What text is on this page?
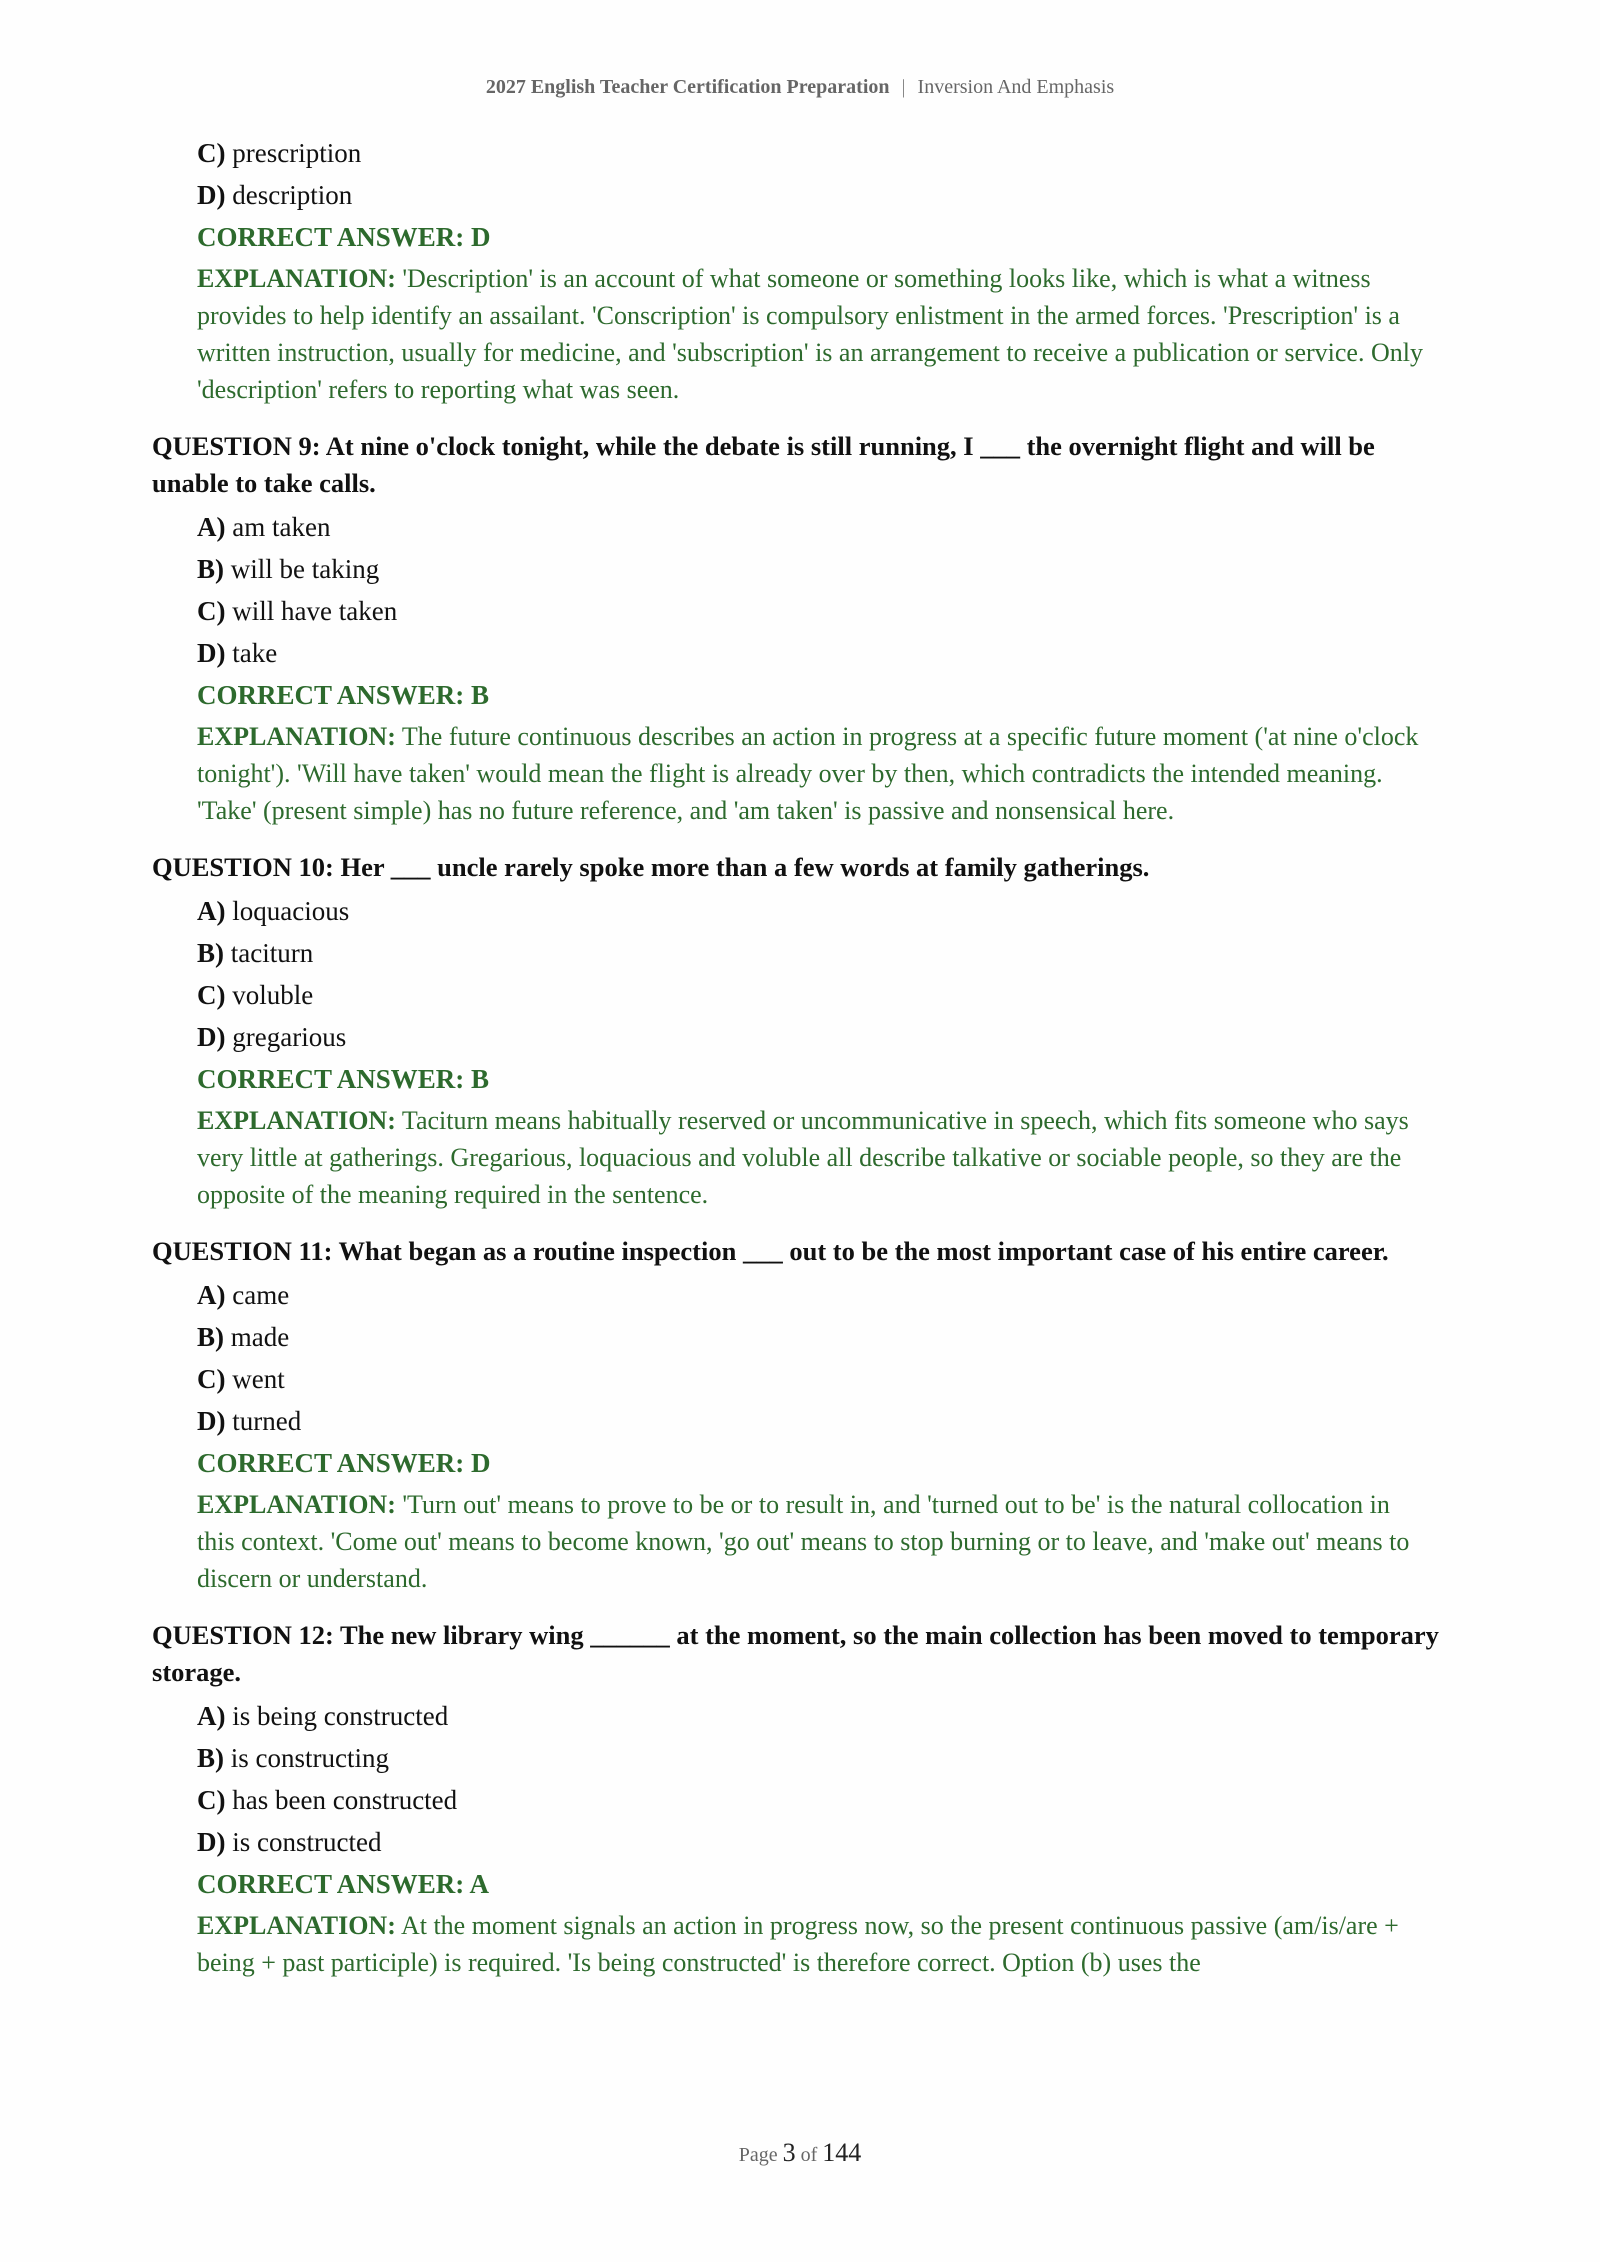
2027 English Teacher Certification Preparation | Inversion And Emphasis
C) prescription
D) description
CORRECT ANSWER: D
EXPLANATION: 'Description' is an account of what someone or something looks like, which is what a witness provides to help identify an assailant. 'Conscription' is compulsory enlistment in the armed forces. 'Prescription' is a written instruction, usually for medicine, and 'subscription' is an arrangement to receive a publication or service. Only 'description' refers to reporting what was seen.
QUESTION 9: At nine o'clock tonight, while the debate is still running, I ___ the overnight flight and will be unable to take calls.
A) am taken
B) will be taking
C) will have taken
D) take
CORRECT ANSWER: B
EXPLANATION: The future continuous describes an action in progress at a specific future moment ('at nine o'clock tonight'). 'Will have taken' would mean the flight is already over by then, which contradicts the intended meaning. 'Take' (present simple) has no future reference, and 'am taken' is passive and nonsensical here.
QUESTION 10: Her ___ uncle rarely spoke more than a few words at family gatherings.
A) loquacious
B) taciturn
C) voluble
D) gregarious
CORRECT ANSWER: B
EXPLANATION: Taciturn means habitually reserved or uncommunicative in speech, which fits someone who says very little at gatherings. Gregarious, loquacious and voluble all describe talkative or sociable people, so they are the opposite of the meaning required in the sentence.
QUESTION 11: What began as a routine inspection ___ out to be the most important case of his entire career.
A) came
B) made
C) went
D) turned
CORRECT ANSWER: D
EXPLANATION: 'Turn out' means to prove to be or to result in, and 'turned out to be' is the natural collocation in this context. 'Come out' means to become known, 'go out' means to stop burning or to leave, and 'make out' means to discern or understand.
QUESTION 12: The new library wing ______ at the moment, so the main collection has been moved to temporary storage.
A) is being constructed
B) is constructing
C) has been constructed
D) is constructed
CORRECT ANSWER: A
EXPLANATION: At the moment signals an action in progress now, so the present continuous passive (am/is/are + being + past participle) is required. 'Is being constructed' is therefore correct. Option (b) uses the
Page 3 of 144
